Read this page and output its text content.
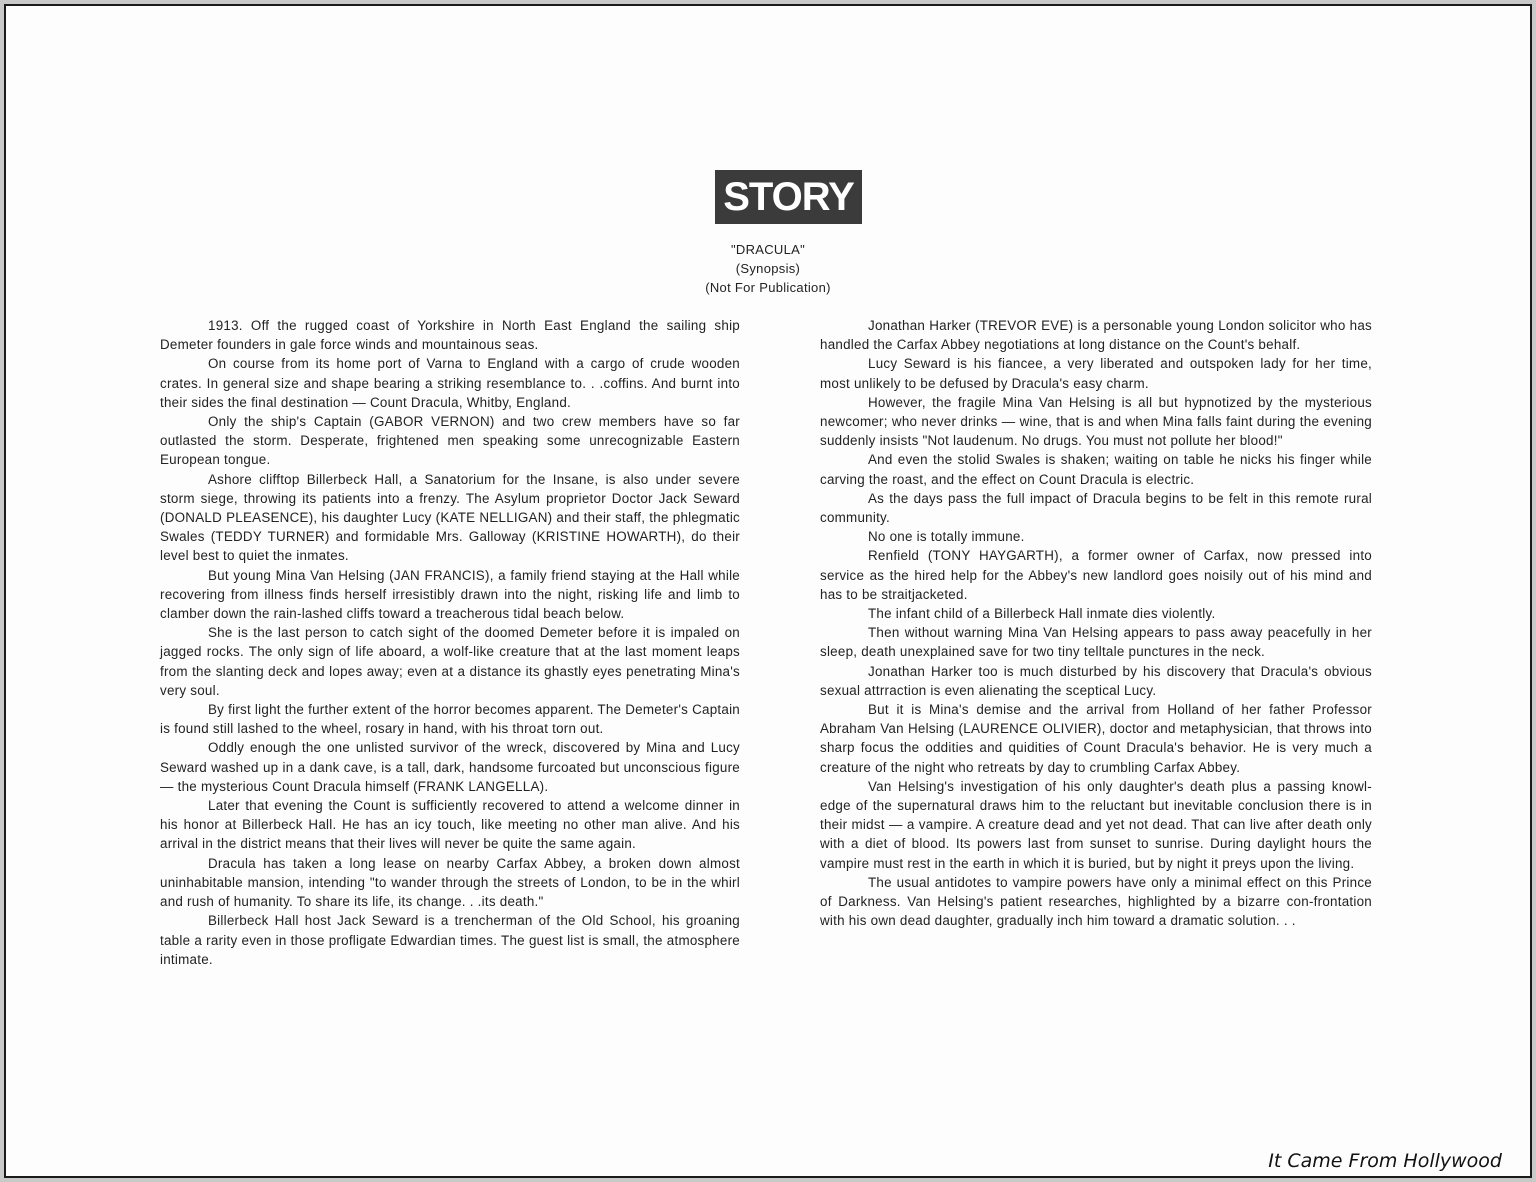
STORY
"DRACULA"
(Synopsis)
(Not For Publication)

1913. Off the rugged coast of Yorkshire in North East England the sailing ship Demeter founders in gale force winds and mountainous seas.

On course from its home port of Varna to England with a cargo of crude wooden crates. In general size and shape bearing a striking resemblance to. . .coffins. And burnt into their sides the final destination — Count Dracula, Whitby, England.

Only the ship's Captain (GABOR VERNON) and two crew members have so far outlasted the storm. Desperate, frightened men speaking some unrecognizable Eastern European tongue.

Ashore clifftop Billerbeck Hall, a Sanatorium for the Insane, is also under severe storm siege, throwing its patients into a frenzy. The Asylum proprietor Doctor Jack Seward (DONALD PLEASENCE), his daughter Lucy (KATE NELLIGAN) and their staff, the phlegmatic Swales (TEDDY TURNER) and formidable Mrs. Galloway (KRISTINE HOWARTH), do their level best to quiet the inmates.

But young Mina Van Helsing (JAN FRANCIS), a family friend staying at the Hall while recovering from illness finds herself irresistibly drawn into the night, risking life and limb to clamber down the rain-lashed cliffs toward a treacherous tidal beach below.

She is the last person to catch sight of the doomed Demeter before it is impaled on jagged rocks. The only sign of life aboard, a wolf-like creature that at the last moment leaps from the slanting deck and lopes away; even at a distance its ghastly eyes penetrating Mina's very soul.

By first light the further extent of the horror becomes apparent. The Demeter's Captain is found still lashed to the wheel, rosary in hand, with his throat torn out.

Oddly enough the one unlisted survivor of the wreck, discovered by Mina and Lucy Seward washed up in a dank cave, is a tall, dark, handsome furcoated but unconscious figure — the mysterious Count Dracula himself (FRANK LANGELLA).

Later that evening the Count is sufficiently recovered to attend a welcome dinner in his honor at Billerbeck Hall. He has an icy touch, like meeting no other man alive. And his arrival in the district means that their lives will never be quite the same again.

Dracula has taken a long lease on nearby Carfax Abbey, a broken down almost uninhabitable mansion, intending "to wander through the streets of London, to be in the whirl and rush of humanity. To share its life, its change. . .its death."

Billerbeck Hall host Jack Seward is a trencherman of the Old School, his groaning table a rarity even in those profligate Edwardian times. The guest list is small, the atmosphere intimate.

Jonathan Harker (TREVOR EVE) is a personable young London solicitor who has handled the Carfax Abbey negotiations at long distance on the Count's behalf.

Lucy Seward is his fiancee, a very liberated and outspoken lady for her time, most unlikely to be defused by Dracula's easy charm.

However, the fragile Mina Van Helsing is all but hypnotized by the mysterious newcomer; who never drinks — wine, that is and when Mina falls faint during the evening suddenly insists "Not laudenum. No drugs. You must not pollute her blood!"

And even the stolid Swales is shaken; waiting on table he nicks his finger while carving the roast, and the effect on Count Dracula is electric.

As the days pass the full impact of Dracula begins to be felt in this remote rural community.

No one is totally immune.

Renfield (TONY HAYGARTH), a former owner of Carfax, now pressed into service as the hired help for the Abbey's new landlord goes noisily out of his mind and has to be straitjacketed.

The infant child of a Billerbeck Hall inmate dies violently.

Then without warning Mina Van Helsing appears to pass away peacefully in her sleep, death unexplained save for two tiny telltale punctures in the neck.

Jonathan Harker too is much disturbed by his discovery that Dracula's obvious sexual attrraction is even alienating the sceptical Lucy.

But it is Mina's demise and the arrival from Holland of her father Professor Abraham Van Helsing (LAURENCE OLIVIER), doctor and metaphysician, that throws into sharp focus the oddities and quidities of Count Dracula's behavior. He is very much a creature of the night who retreats by day to crumbling Carfax Abbey.

Van Helsing's investigation of his only daughter's death plus a passing knowl-edge of the supernatural draws him to the reluctant but inevitable conclusion there is in their midst — a vampire. A creature dead and yet not dead. That can live after death only with a diet of blood. Its powers last from sunset to sunrise. During daylight hours the vampire must rest in the earth in which it is buried, but by night it preys upon the living.

The usual antidotes to vampire powers have only a minimal effect on this Prince of Darkness. Van Helsing's patient researches, highlighted by a bizarre con-frontation with his own dead daughter, gradually inch him toward a dramatic solution. . .

It Came From Hollywood
